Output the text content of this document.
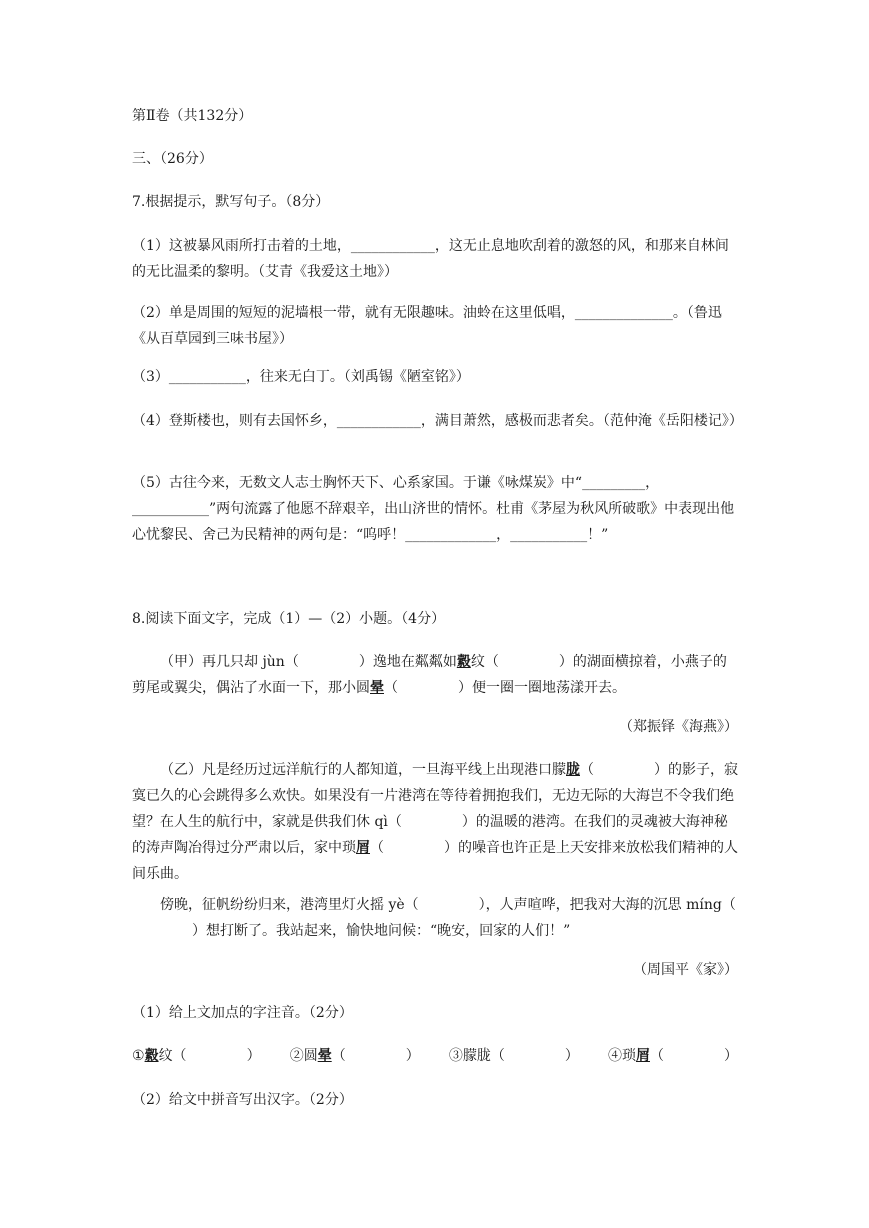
第Ⅱ卷（共132分）

三、（26分）

7.根据提示，默写句子。（8分）

（1）这被暴风雨所打击着的土地，____________，这无止息地吹刮着的激怒的风，和那来自林间的无比温柔的黎明。（艾青《我爱这土地》）

（2）单是周围的短短的泥墙根一带，就有无限趣味。油蛉在这里低唱，______________。（鲁迅《从百草园到三味书屋》）

（3）___________，往来无白丁。（刘禹锡《陋室铭》）

（4）登斯楼也，则有去国怀乡，____________，满目萧然，感极而悲者矣。（范仲淹《岳阳楼记》）

（5）古往今来，无数文人志士胸怀天下、心系家国。于谦《咏煤炭》中“_________，___________”两句流露了他愿不辞艰辛，出山济世的情怀。杜甫《茅屋为秋风所破歌》中表现出他心忧黎民、舍己为民精神的两句是：“呜呼！_____________，___________！”

8.阅读下面文字，完成（1）—（2）小题。（4分）

（甲）再几只却 jùn（	）逸地在粼粼如縠纹（	）的湖面横掠着，小燕子的剪尾或翼尖，偶沾了水面一下，那小圆晕（	）便一圈一圈地荡漾开去。

（郑振铎《海燕》）

（乙）凡是经历过远洋航行的人都知道，一旦海平线上出现港口朦胧（	）的影子，寂寞已久的心会跳得多么欢快。如果没有一片港湾在等待着拥抱我们，无边无际的大海岂不令我们绝望？在人生的航行中，家就是供我们休 qì（	）的温暖的港湾。在我们的灵魂被大海神秘的涛声陶冶得过分严肃以后，家中琐屑（	）的噪音也许正是上天安排来放松我们精神的人间乐曲。

傍晚，征帆纷纷归来，港湾里灯火摇 yè（	），人声喧哗，把我对大海的沉思 míng（）想打断了。我站起来，愉快地问候：“晚安，回家的人们！”

（周国平《家》）

（1）给上文加点的字注音。（2分）

①縠纹（	） ②圆晕（	） ③朦胧（	） ④琐屑（	）

（2）给文中拼音写出汉字。（2分）
